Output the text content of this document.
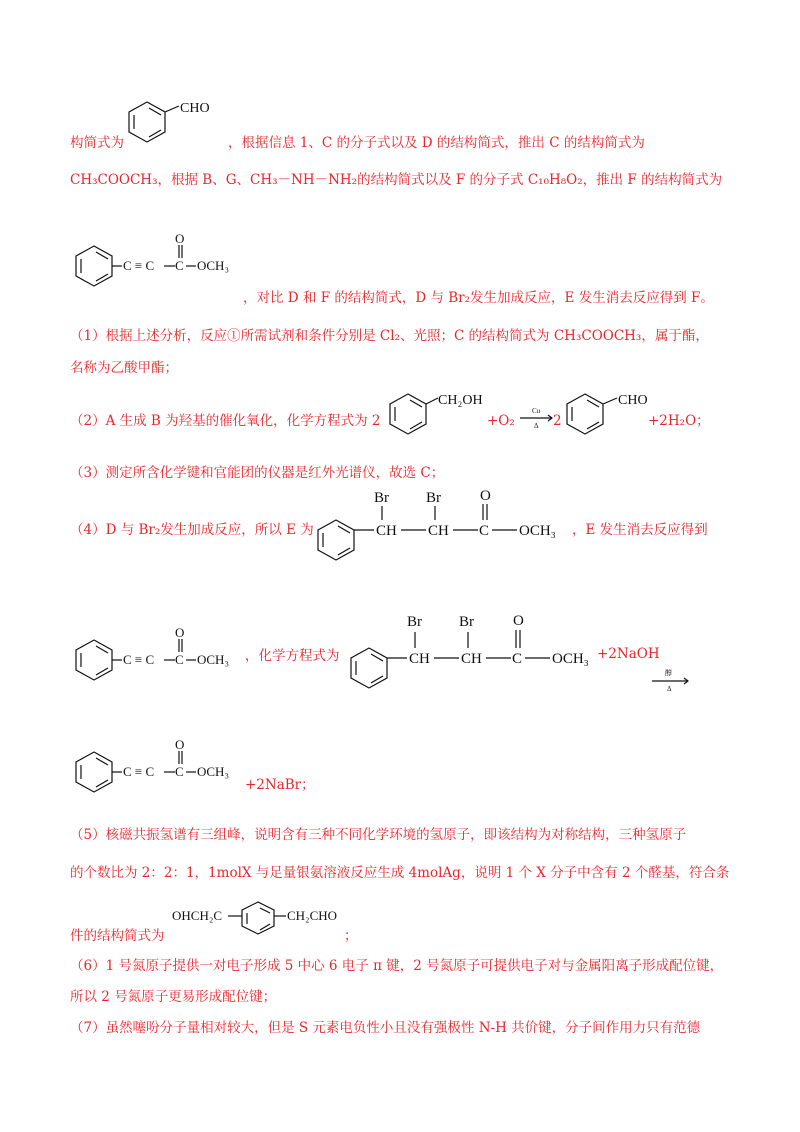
CHO
构简式为	，根据信息 1、C 的分子式以及 D 的结构简式，推出 C 的结构简式为
CH₃COOCH₃，根据 B、G、CH₃－NH－NH₂的结构简式以及 F 的分子式 C₁₀H₈O₂，推出 F 的结构简式为
C ≡ C C
O
OCH₃
，对比 D 和 F 的结构简式，D 与 Br₂发生加成反应，E 发生消去反应得到 F。
（1）根据上述分析，反应①所需试剂和条件分别是 Cl₂、光照；C 的结构简式为 CH₃COOCH₃，属于酯，
名称为乙酸甲酯；
（2）A 生成 B 为羟基的催化氧化，化学方程式为 2
CH₂OH
+O₂
Cu
Δ 2
CHO
+2H₂O；
（3）测定所含化学键和官能团的仪器是红外光谱仪，故选 C；
（4）D 与 Br₂发生加成反应，所以 E 为	CH
Br
CH
Br
C
O
OCH₃ ，E 发生消去反应得到
C ≡ C C
O
OCH₃ ，化学方程式为	CH
Br
CH
Br
C
O
OCH₃ +2NaOH
醇
Δ
C ≡ C C
O
OCH₃
+2NaBr；
（5）核磁共振氢谱有三组峰，说明含有三种不同化学环境的氢原子，即该结构为对称结构，三种氢原子
的个数比为 2：2：1，1molX 与足量银氨溶液反应生成 4molAg，说明 1 个 X 分子中含有 2 个醛基，符合条
件的结构简式为
OHCH₂C	CH₂CHO
；
（6）1 号氮原子提供一对电子形成 5 中心 6 电子 π 键，2 号氮原子可提供电子对与金属阳离子形成配位键，
所以 2 号氮原子更易形成配位键；
（7）虽然噻吩分子量相对较大，但是 S 元素电负性小且没有强极性 N-H 共价键，分子间作用力只有范德
